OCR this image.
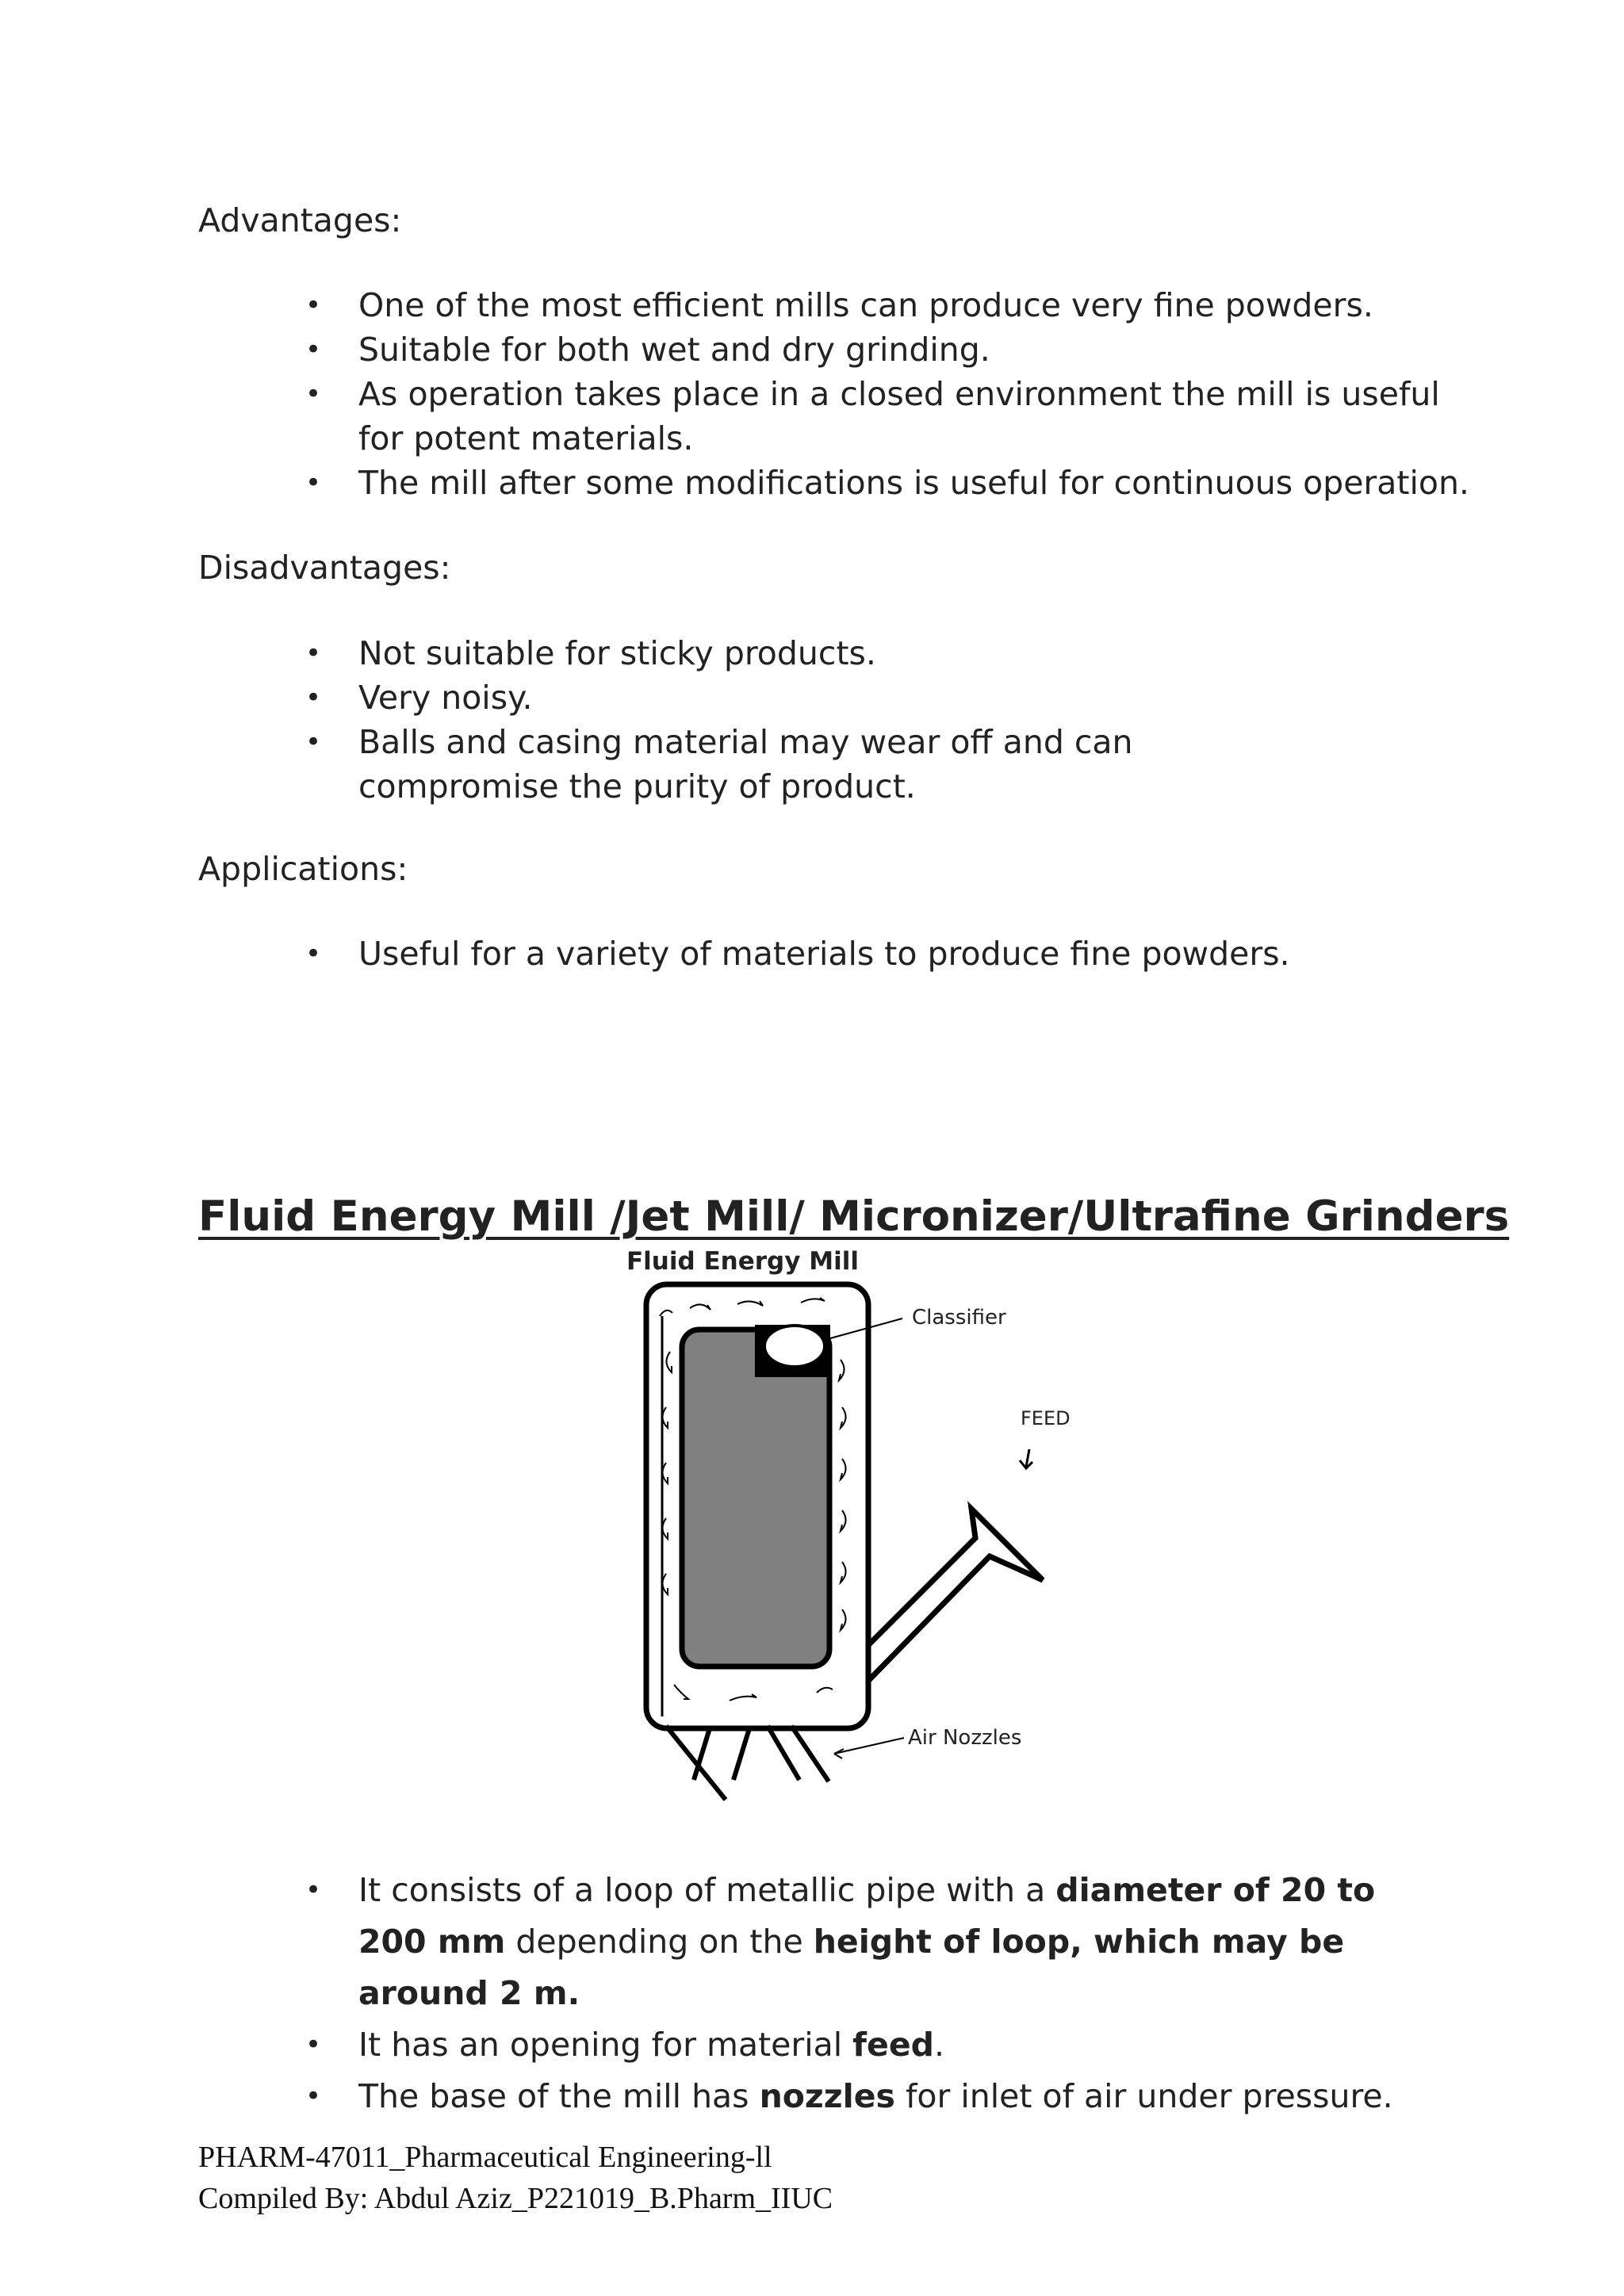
Advantages:
• One of the most efficient mills can produce very fine powders.
• Suitable for both wet and dry grinding.
• As operation takes place in a closed environment the mill is useful for potent materials.
• The mill after some modifications is useful for continuous operation.
Disadvantages:
• Not suitable for sticky products.
• Very noisy.
• Balls and casing material may wear off and can compromise the purity of product.
Applications:
• Useful for a variety of materials to produce fine powders.
Fluid Energy Mill /Jet Mill/ Micronizer/Ultrafine Grinders
Fluid Energy Mill
Classifier
FEED
Air Nozzles
• It consists of a loop of metallic pipe with a diameter of 20 to 200 mm depending on the height of loop, which may be around 2 m.
• It has an opening for material feed.
• The base of the mill has nozzles for inlet of air under pressure.
PHARM-47011_Pharmaceutical Engineering-ll
Compiled By: Abdul Aziz_P221019_B.Pharm_IIUC
